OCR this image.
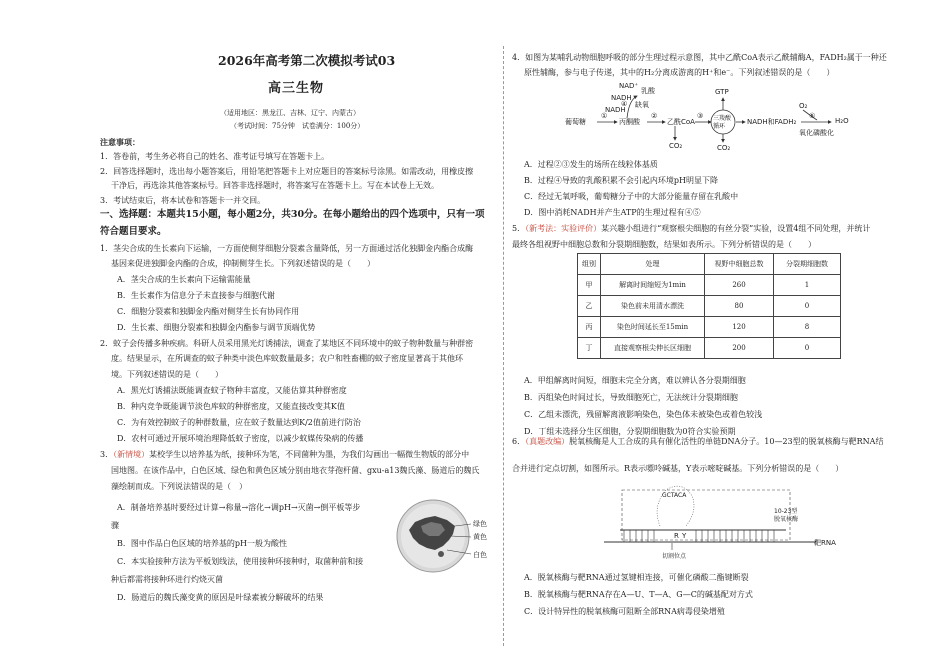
2026年高考第二次模拟考试03
高三生物
（适用地区：黑龙江、吉林、辽宁、内蒙古）
（考试时间：75分钟　试卷满分：100分）
注意事项：
1．答卷前，考生务必将自己的姓名、准考证号填写在答题卡上。
2．回答选择题时，选出每小题答案后，用铅笔把答题卡上对应题目的答案标号涂黑。如需改动，用橡皮擦
干净后，再选涂其他答案标号。回答非选择题时，将答案写在答题卡上。写在本试卷上无效。
3．考试结束后，将本试卷和答题卡一并交回。
一、选择题：本题共15小题，每小题2分，共30分。在每小题给出的四个选项中，只有一项
符合题目要求。
1．茎尖合成的生长素向下运输，一方面使侧芽细胞分裂素含量降低，另一方面通过活化独脚金内酯合成酶
基因来促进独脚金内酯的合成，抑制侧芽生长。下列叙述错误的是（　　）
A．茎尖合成的生长素向下运输需能量
B．生长素作为信息分子未直接参与细胞代谢
C．细胞分裂素和独脚金内酯对侧芽生长有协同作用
D．生长素、细胞分裂素和独脚金内酯参与调节顶端优势
2．蚊子会传播多种疾病。科研人员采用黑光灯诱捕法，调查了某地区不同环境中的蚊子物种数量与种群密
度。结果显示，在所调查的蚊子种类中淡色库蚊数量最多；农户和牲畜棚的蚊子密度显著高于其他环
境。下列叙述错误的是（　　）
A．黑光灯诱捕法既能调查蚊子物种丰富度，又能估算其种群密度
B．种内竞争既能调节淡色库蚊的种群密度，又能直接改变其K值
C．为有效控制蚊子的种群数量，应在蚊子数量达到K/2值前进行防治
D．农村可通过开展环境治理降低蚊子密度，以减少蚊媒传染病的传播
3．（新情境）某校学生以培养基为纸，接种环为笔，不同菌种为墨，为我们勾画出一幅微生物版的部分中
国地图。在该作品中，白色区域、绿色和黄色区域分别由地衣芽孢杆菌、gxu-a13魏氏藻、肠道后的魏氏
藻绘制而成。下列说法错误的是（　）
A．制备培养基时要经过计算→称量→溶化→调pH→灭菌→倒平板等步
骤
B．图中作品白色区域的培养基的pH一般为酸性
C．本实验接种方法为平板划线法，使用接种环接种时，取菌种前和接
种后都需将接种环进行灼烧灭菌
D．肠道后的魏氏藻变黄的原因是叶绿素被分解破坏的结果
绿色
黄色
白色
4．如图为某哺乳动物细胞呼吸的部分生理过程示意图，其中乙酰CoA表示乙酰辅酶A，FADH₂属于一种还
原性辅酶，参与电子传递，其中的H₂分离成游离的H⁺和e⁻。下列叙述错误的是（　　）
NAD⁺
乳酸
NADH
缺氧
NADH
葡萄糖
①
丙酮酸
④
②
乙酰CoA
CO₂
③
GTP
三羧酸循环
CO₂
NADH和FADH₂
O₂
⑤
氧化磷酸化
H₂O
A．过程②③发生的场所在线粒体基质
B．过程④导致的乳酸积累不会引起内环境pH明显下降
C．经过无氧呼吸，葡萄糖分子中的大部分能量存留在乳酸中
D．图中消耗NADH并产生ATP的生理过程有④⑤
5．（新考法：实验评价）某兴趣小组进行“观察根尖细胞的有丝分裂”实验，设置4组不同处理，并统计
最终各组视野中细胞总数和分裂期细胞数，结果如表所示。下列分析错误的是（　　）
组别	处理	视野中细胞总数	分裂期细胞数
甲	解离时间缩短为1min	260	1
乙	染色前未用清水漂洗	80	0
丙	染色时间延长至15min	120	8
丁	直接观察根尖伸长区细胞	200	0
A．甲组解离时间短，细胞未完全分离，难以辨认各分裂期细胞
B．丙组染色时间过长，导致细胞死亡，无法统计分裂期细胞
C．乙组未漂洗，残留解离液影响染色，染色体未被染色或着色较浅
D．丁组未选择分生区细胞，分裂期细胞数为0符合实验预期
6．（真题改编）脱氧核酶是人工合成的具有催化活性的单链DNA分子。10—23型的脱氧核酶与靶RNA结
合并进行定点切割，如图所示。R表示嘌呤碱基，Y表示嘧啶碱基。下列分析错误的是（　　）
GCTACA
R Y
10-23型
脱氧核酶
靶RNA
切割位点
A．脱氧核酶与靶RNA通过氢键相连接，可催化磷酸二酯键断裂
B．脱氧核酶与靶RNA存在A—U、T—A、G—C的碱基配对方式
C．设计特异性的脱氧核酶可阻断全部RNA病毒侵染增殖
